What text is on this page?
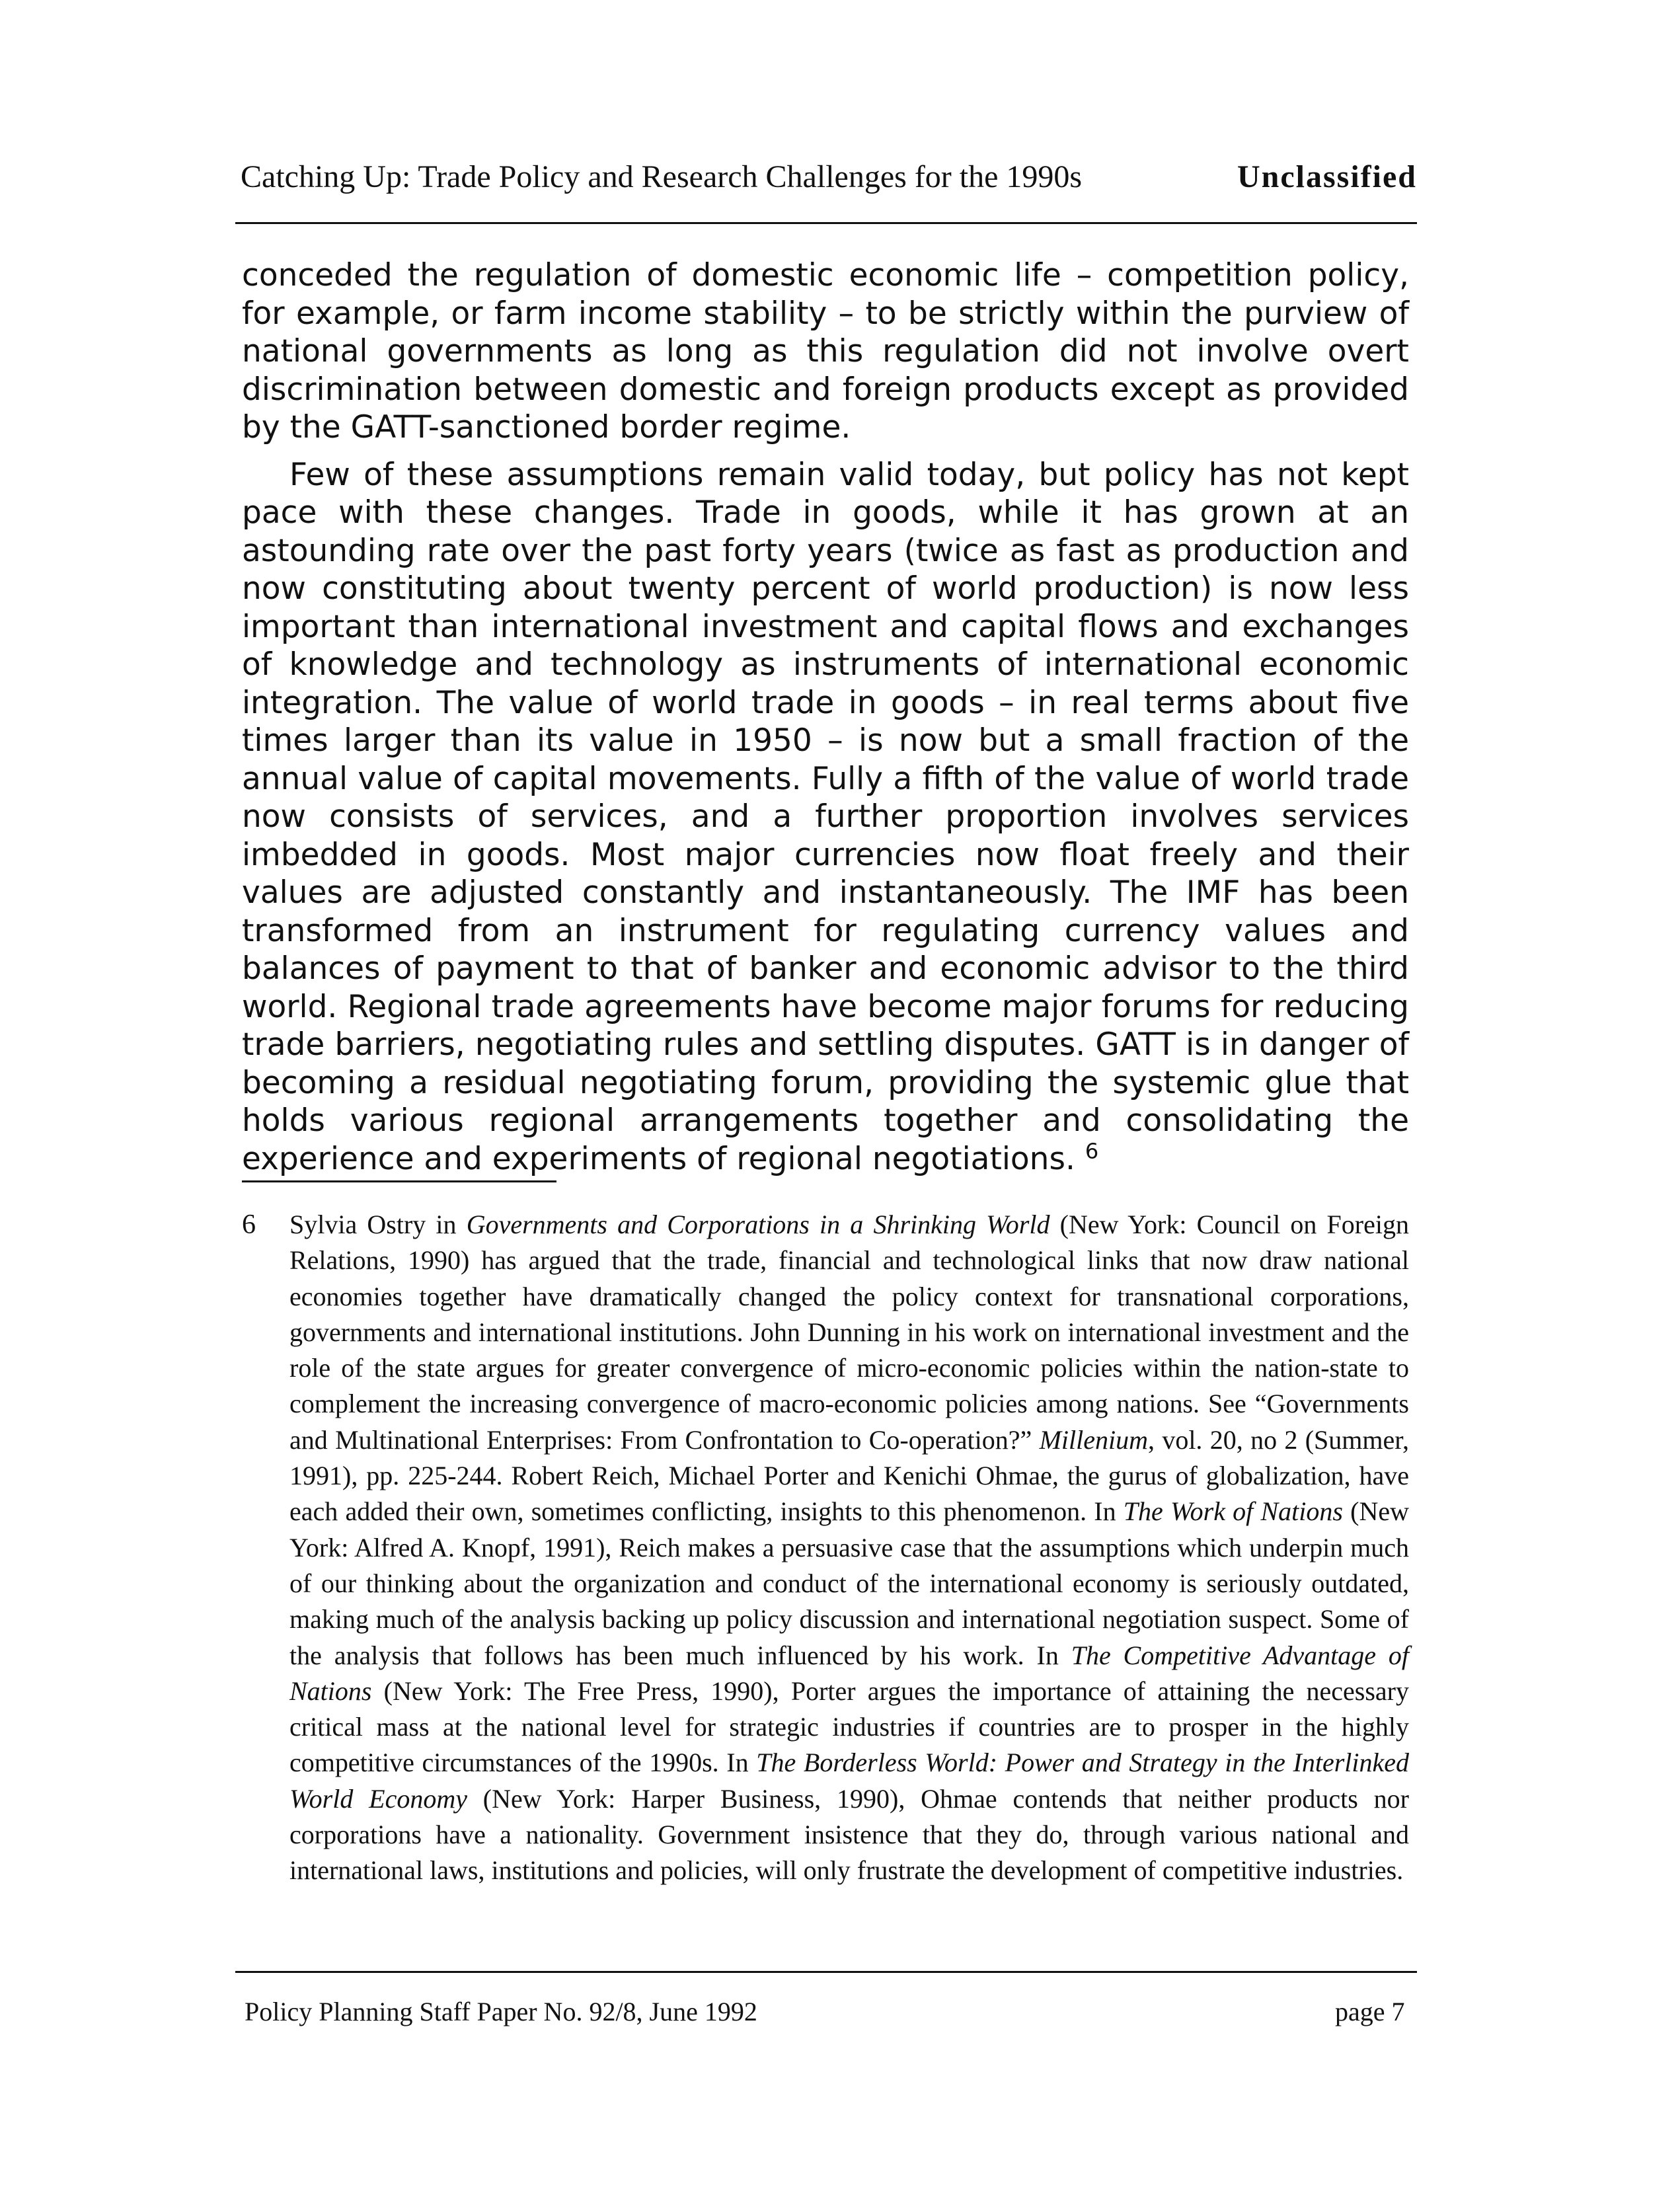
Catching Up: Trade Policy and Research Challenges for the 1990s	Unclassified

conceded the regulation of domestic economic life – competition policy, for example, or farm income stability – to be strictly within the purview of national governments as long as this regulation did not involve overt discrimination between domestic and foreign products except as provided by the GATT-sanctioned border regime.

Few of these assumptions remain valid today, but policy has not kept pace with these changes. Trade in goods, while it has grown at an astounding rate over the past forty years (twice as fast as production and now constituting about twenty percent of world production) is now less important than international investment and capital flows and exchanges of knowledge and technology as instruments of international economic integration. The value of world trade in goods – in real terms about five times larger than its value in 1950 – is now but a small fraction of the annual value of capital movements. Fully a fifth of the value of world trade now consists of services, and a further proportion involves services imbedded in goods. Most major currencies now float freely and their values are adjusted constantly and instantaneously. The IMF has been transformed from an instrument for regulating currency values and balances of payment to that of banker and economic advisor to the third world. Regional trade agreements have become major forums for reducing trade barriers, negotiating rules and settling disputes. GATT is in danger of becoming a residual negotiating forum, providing the systemic glue that holds various regional arrangements together and consolidating the experience and experiments of regional negotiations. $^6$

6 Sylvia Ostry in Governments and Corporations in a Shrinking World (New York: Council on Foreign Relations, 1990) has argued that the trade, financial and technological links that now draw national economies together have dramatically changed the policy context for transnational corporations, governments and international institutions. John Dunning in his work on international investment and the role of the state argues for greater convergence of micro-economic policies within the nation-state to complement the increasing convergence of macro-economic policies among nations. See “Governments and Multinational Enterprises: From Confrontation to Co-operation?” Millenium, vol. 20, no 2 (Summer, 1991), pp. 225-244. Robert Reich, Michael Porter and Kenichi Ohmae, the gurus of globalization, have each added their own, sometimes conflicting, insights to this phenomenon. In The Work of Nations (New York: Alfred A. Knopf, 1991), Reich makes a persuasive case that the assumptions which underpin much of our thinking about the organization and conduct of the international economy is seriously outdated, making much of the analysis backing up policy discussion and international negotiation suspect. Some of the analysis that follows has been much influenced by his work. In The Competitive Advantage of Nations (New York: The Free Press, 1990), Porter argues the importance of attaining the necessary critical mass at the national level for strategic industries if countries are to prosper in the highly competitive circumstances of the 1990s. In The Borderless World: Power and Strategy in the Interlinked World Economy (New York: Harper Business, 1990), Ohmae contends that neither products nor corporations have a nationality. Government insistence that they do, through various national and international laws, institutions and policies, will only frustrate the development of competitive industries.
Policy Planning Staff Paper No. 92/8, June 1992	page 7
